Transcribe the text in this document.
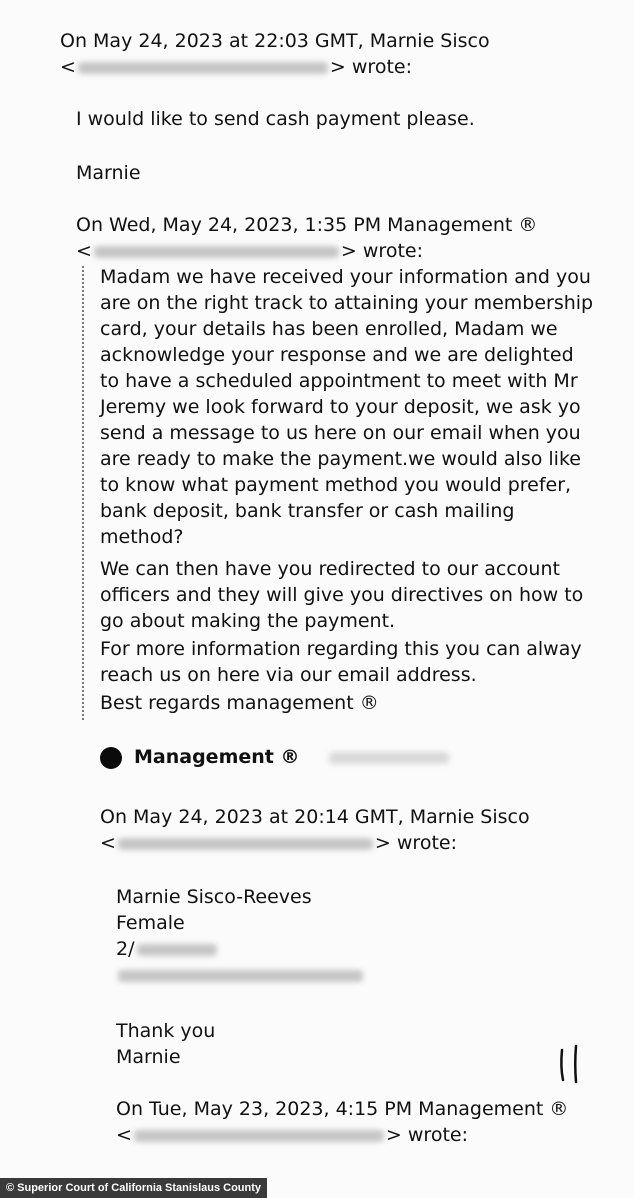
On May 24, 2023 at 22:03 GMT, Marnie Sisco
<	> wrote:
I would like to send cash payment please.
Marnie
On Wed, May 24, 2023, 1:35 PM Management ®
<	> wrote:
Madam we have received your information and you
are on the right track to attaining your membership
card, your details has been enrolled, Madam we
acknowledge your response and we are delighted
to have a scheduled appointment to meet with Mr
Jeremy we look forward to your deposit, we ask yo
send a message to us here on our email when you
are ready to make the payment.we would also like
to know what payment method you would prefer,
bank deposit, bank transfer or cash mailing
method?
We can then have you redirected to our account
officers and they will give you directives on how to
go about making the payment.
For more information regarding this you can alway
reach us on here via our email address.
Best regards management ®
Management ®
On May 24, 2023 at 20:14 GMT, Marnie Sisco
<	> wrote:
Marnie Sisco-Reeves
Female
2/
Thank you
Marnie
On Tue, May 23, 2023, 4:15 PM Management ®
<	> wrote:
© Superior Court of California Stanislaus County
